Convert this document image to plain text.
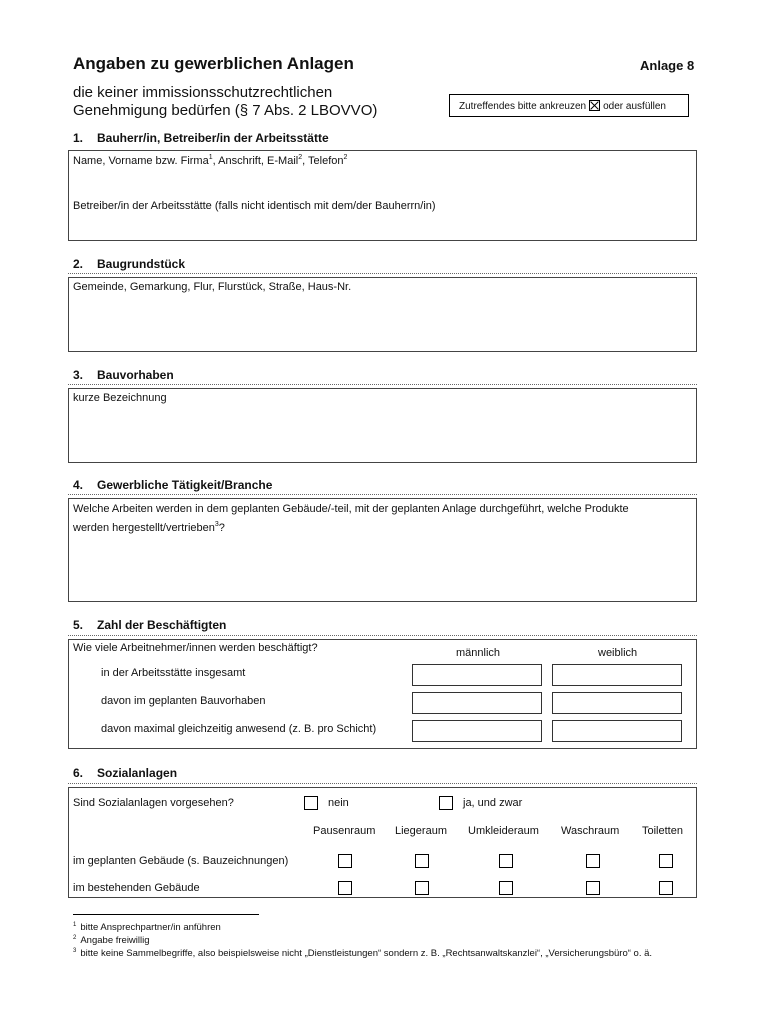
Angaben zu gewerblichen Anlagen	Anlage 8
die keiner immissionsschutzrechtlichen
Genehmigung bedürfen (§ 7 Abs. 2 LBOVVO)	Zutreffendes bitte ankreuzen oder ausfüllen
1. Bauherr/in, Betreiber/in der Arbeitsstätte
Name, Vorname bzw. Firma$^1$, Anschrift, E-Mail$^2$, Telefon$^2$
Betreiber/in der Arbeitsstätte (falls nicht identisch mit dem/der Bauherrn/in)
2. Baugrundstück
Gemeinde, Gemarkung, Flur, Flurstück, Straße, Haus-Nr.
3. Bauvorhaben
kurze Bezeichnung
4. Gewerbliche Tätigkeit/Branche
Welche Arbeiten werden in dem geplanten Gebäude/-teil, mit der geplanten Anlage durchgeführt, welche Produkte
werden hergestellt/vertrieben$^3$?
5. Zahl der Beschäftigten
Wie viele Arbeitnehmer/innen werden beschäftigt?	männlich	weiblich
in der Arbeitsstätte insgesamt
davon im geplanten Bauvorhaben
davon maximal gleichzeitig anwesend (z. B. pro Schicht)
6. Sozialanlagen
Sind Sozialanlagen vorgesehen?	nein	ja, und zwar
Pausenraum Liegeraum Umkleideraum Waschraum Toiletten
im geplanten Gebäude (s. Bauzeichnungen)
im bestehenden Gebäude
$^1$ bitte Ansprechpartner/in anführen
$^2$ Angabe freiwillig
$^3$ bitte keine Sammelbegriffe, also beispielsweise nicht „Dienstleistungen“ sondern z. B. „Rechtsanwaltskanzlei“, „Versicherungsbüro“ o. ä.
